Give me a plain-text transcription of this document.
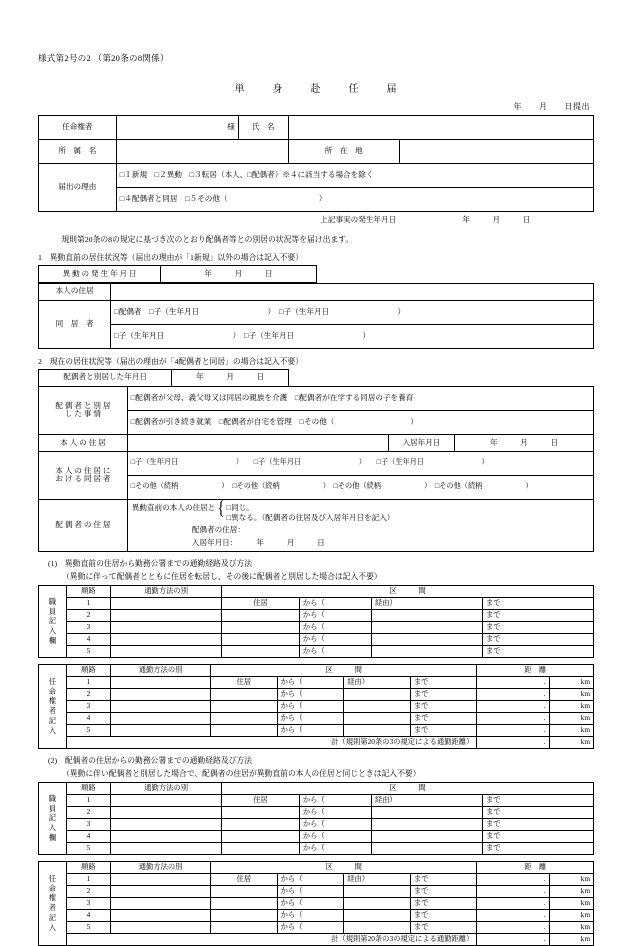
様式第2号の2 （第20条の8関係）
単　身　赴　任　届
年　　月　　日提出
任命権者	様	氏　名		
所　属　名			所　在　地	
届出の理由	□１新規　□２異動　□３転居（本人、□配偶者）※４に該当する場合を除く			
	□４配偶者と同居　□５その他（　　　　　　　　　　　　）			
		上記事実の発生年月日		年　　　月　　　日
　　　規則第20条の8の規定に基づき次のとおり配偶者等との別居の状況等を届け出ます。
1　異動直前の居住状況等（届出の理由が「1新規」以外の場合は記入不要）
異 動 の 発 生 年 月 日	年　　　月　　　日	
本人の住居	
同　居　者	□配偶者　□子（生年月日　　　　　　　　　）　□子（生年月日　　　　　　　　　）
	□子（生年月日　　　　　　　　　）　□子（生年月日　　　　　　　　　）
2　現在の居住状況等（届出の理由が「4配偶者と同居」の場合は記入不要）
配偶者と別居した年月日	年　　　月　　　日	
配 偶 者 と 別 居
し た 事 情	□配偶者が父母、義父母又は同居の親族を介護　□配偶者が在学する同居の子を養育		
	□配偶者が引き続き就業　□配偶者が自宅を管理　□その他（　　　　　　　　　　）		
本 人 の 住 居		入居年月日	年　　　月　　　日

本 人 の 住 居 に
お け る 同 居 者	□子（生年月日　　　　　　　　）　　□子（生年月日　　　　　　　　）　　□子（生年月日　　　　　　　　）		
	□その他（続柄　　　　　　）　□その他（続柄　　　　　　）　□その他（続柄　　　　　　）　□その他（続柄　　　　　　）		

配 偶 者 の 住 居

異動直前の本人の住居と { □同じ。
□異なる。（配偶者の住居及び入居年月日を記入）
配偶者の住居：
入居年月日：　　　年　　　月　　　日
(1)　異動直前の住居から勤務公署までの通勤経路及び方法
（異動に伴って配偶者とともに住居を転居し、その後に配偶者と別居した場合は記入不要）
職
員
記
入
欄	順路	通勤方法の別	区　　　間			
	1		住居	から（	経由）	まで
	2			から（		まで
	3			から（		まで
	4			から（		まで
	5			から（		まで
任
命
権
者
記
入
	順路	通勤方法の別	区　　　間	距　離
	1		住居	から（	経由）	まで	.	km
	2			から（		まで	.	km
	3			から（		まで	.	km
	4			から（		まで	.	km
	5			から（		まで	.	km
	計（規則第20条の3の規定による通勤距離）						.	km
(2)　配偶者の住居からの勤務公署までの通勤経路及び方法
（異動に伴い配偶者と別居した場合で、配偶者の住居が異動直前の本人の住居と同じときは記入不要）
職
員
記
入
欄	順路	通勤方法の別	区　　　間			
	1		住居	から（	経由）	まで
	2			から（		まで
	3			から（		まで
	4			から（		まで
	5			から（		まで
任
命
権
者
記
入
	順路	通勤方法の別	区　　　間	距　離
	1		住居	から（	経由）	まで	.	km
	2			から（		まで	.	km
	3			から（		まで	.	km
	4			から（		まで	.	km
	5			から（		まで	.	km
	計（規則第20条の3の規定による通勤距離）						.	km
